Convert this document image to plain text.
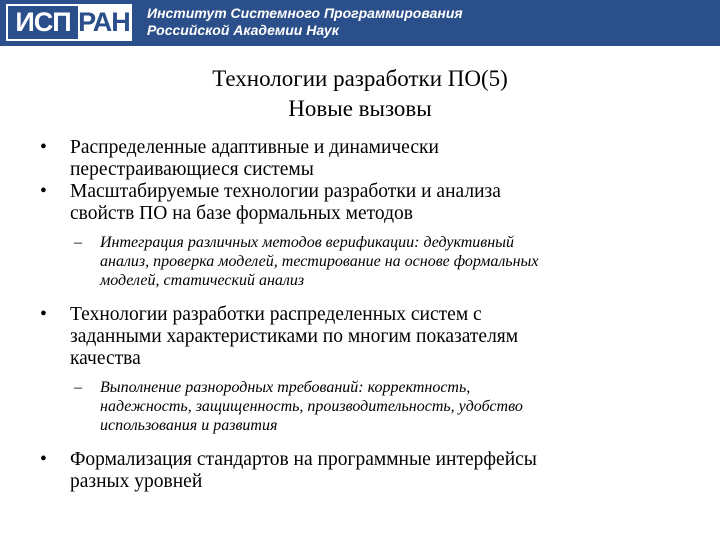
ИСП РАН Институт Системного Программирования
Российской Академии Наук
Технологии разработки ПО(5)
Новые вызовы
• Распределенные адаптивные и динамически
перестраивающиеся системы
• Масштабируемые технологии разработки и анализа
свойств ПО на базе формальных методов
– Интеграция различных методов верификации: дедуктивный
анализ, проверка моделей, тестирование на основе формальных
моделей, статический анализ
• Технологии разработки распределенных систем с
заданными характеристиками по многим показателям
качества
– Выполнение разнородных требований: корректность,
надежность, защищенность, производительность, удобство
использования и развития
• Формализация стандартов на программные интерфейсы
разных уровней
